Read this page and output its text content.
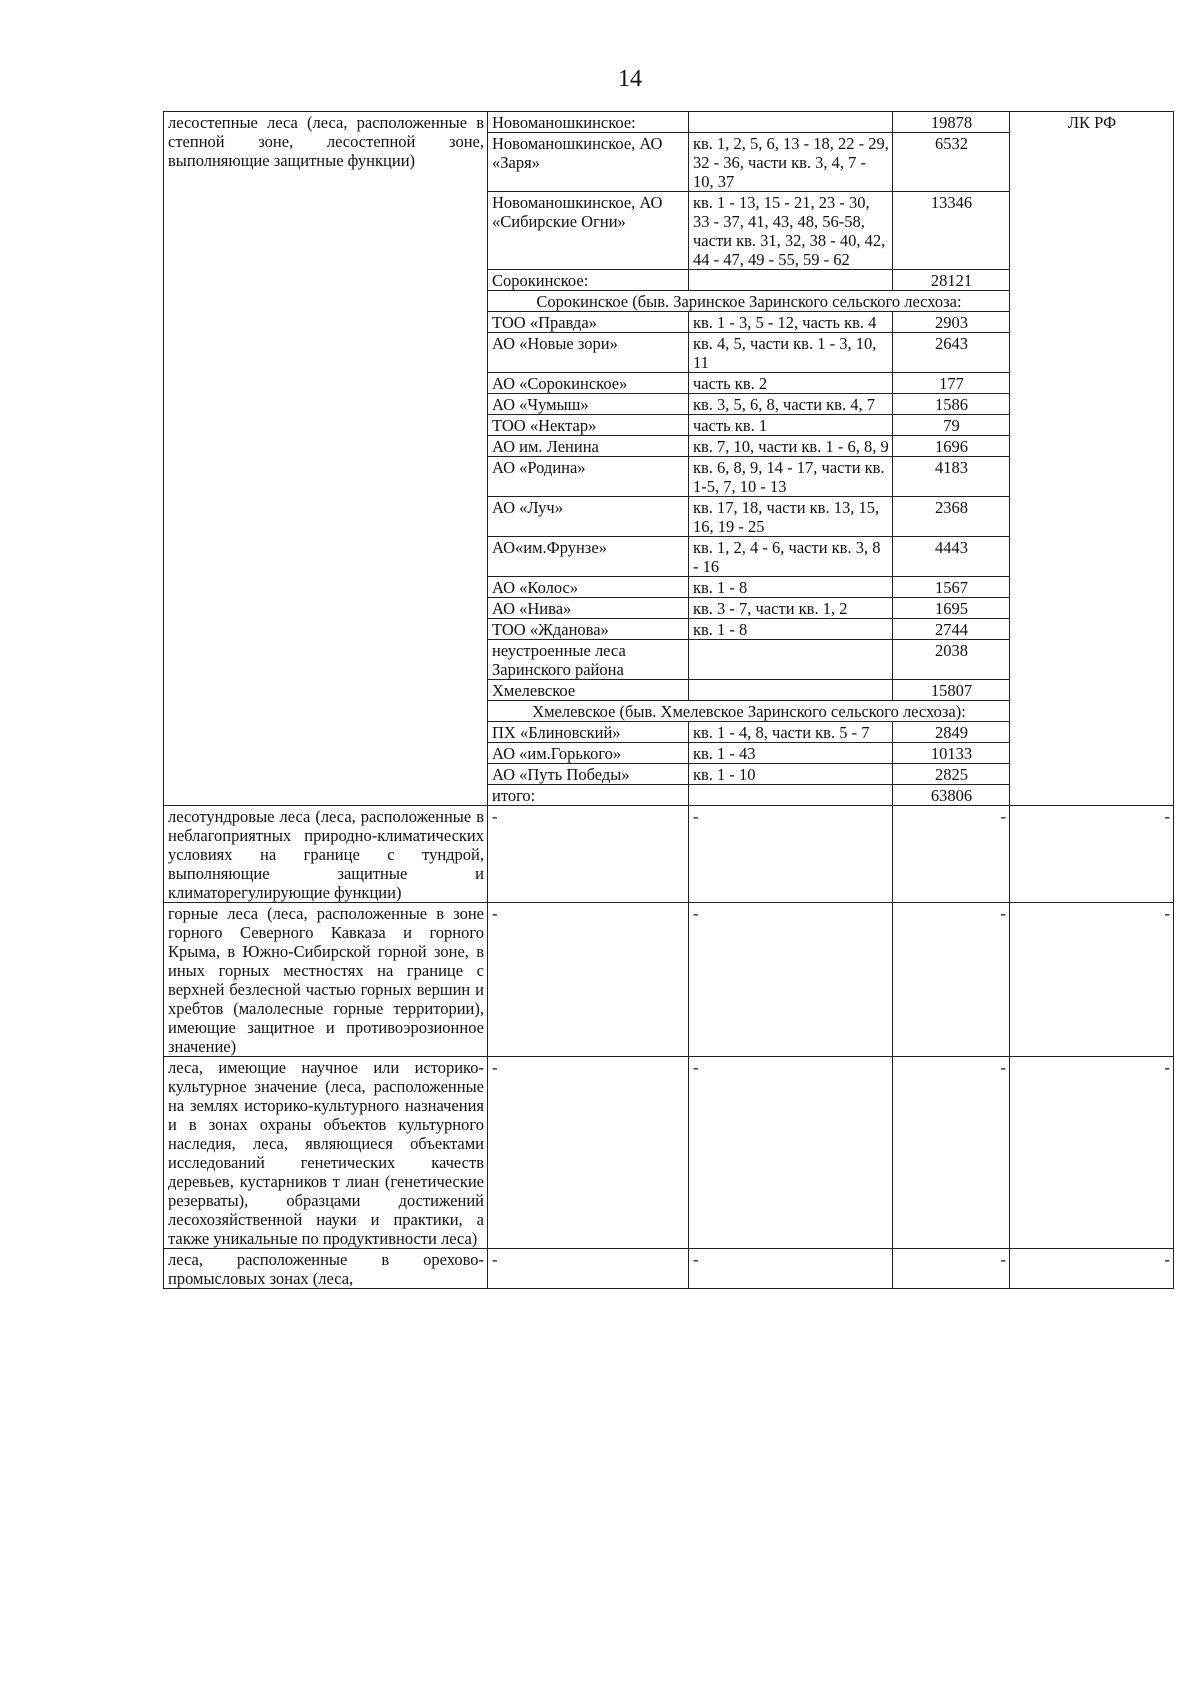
14
лесостепные леса (леса, расположенные в степной зоне, лесостепной зоне, выполняющие защитные функции)	Новоманошкинское:		19878	ЛК РФ
	Новоманошкинское, АО «Заря»	кв. 1, 2, 5, 6, 13 - 18, 22 - 29, 32 - 36, части кв. 3, 4, 7 - 10, 37	6532	
	Новоманошкинское, АО «Сибирские Огни»	кв. 1 - 13, 15 - 21, 23 - 30, 33 - 37, 41, 43, 48, 56-58, части кв. 31, 32, 38 - 40, 42, 44 - 47, 49 - 55, 59 - 62	13346	
	Сорокинское:		28121	
	Сорокинское (быв. Заринское Заринского сельского лесхоза:			
	ТОО «Правда»	кв. 1 - 3, 5 - 12, часть кв. 4	2903	
	АО «Новые зори»	кв. 4, 5, части кв. 1 - 3, 10, 11	2643	
	АО «Сорокинское»	часть кв. 2	177	
	АО «Чумыш»	кв. 3, 5, 6, 8, части кв. 4, 7	1586	
	ТОО «Нектар»	часть кв. 1	79	
	АО им. Ленина	кв. 7, 10, части кв. 1 - 6, 8, 9	1696	
	АО «Родина»	кв. 6, 8, 9, 14 - 17, части кв. 1-5, 7, 10 - 13	4183	
	АО «Луч»	кв. 17, 18, части кв. 13, 15, 16, 19 - 25	2368	
	АО«им.Фрунзе»	кв. 1, 2, 4 - 6, части кв. 3, 8 - 16	4443	
	АО «Колос»	кв. 1 - 8	1567	
	АО «Нива»	кв. 3 - 7, части кв. 1, 2	1695	
	ТОО «Жданова»	кв. 1 - 8	2744	
	неустроенные леса Заринского района		2038	
	Хмелевское		15807	
	Хмелевское (быв. Хмелевское Заринского сельского лесхоза):			
	ПХ «Блиновский»	кв. 1 - 4, 8, части кв. 5 - 7	2849	
	АО «им.Горького»	кв. 1 - 43	10133	
	АО «Путь Победы»	кв. 1 - 10	2825	
	итого:		63806	
лесотундровые леса (леса, расположенные в неблагоприятных природно-климатических условиях на границе с тундрой, выполняющие защитные и климаторегулирующие функции)	-	-	-	-
горные леса (леса, расположенные в зоне горного Северного Кавказа и горного Крыма, в Южно-Сибирской горной зоне, в иных горных местностях на границе с верхней безлесной частью горных вершин и хребтов (малолесные горные территории), имеющие защитное и противоэрозионное значение)	-	-	-	-
леса, имеющие научное или историко-культурное значение (леса, расположенные на землях историко-культурного назначения и в зонах охраны объектов культурного наследия, леса, являющиеся объектами исследований генетических качеств деревьев, кустарников т лиан (генетические резерваты), образцами достижений лесохозяйственной науки и практики, а также уникальные по продуктивности леса)	-	-	-	-
леса, расположенные в орехово-промысловых зонах (леса,	-	-	-	-
